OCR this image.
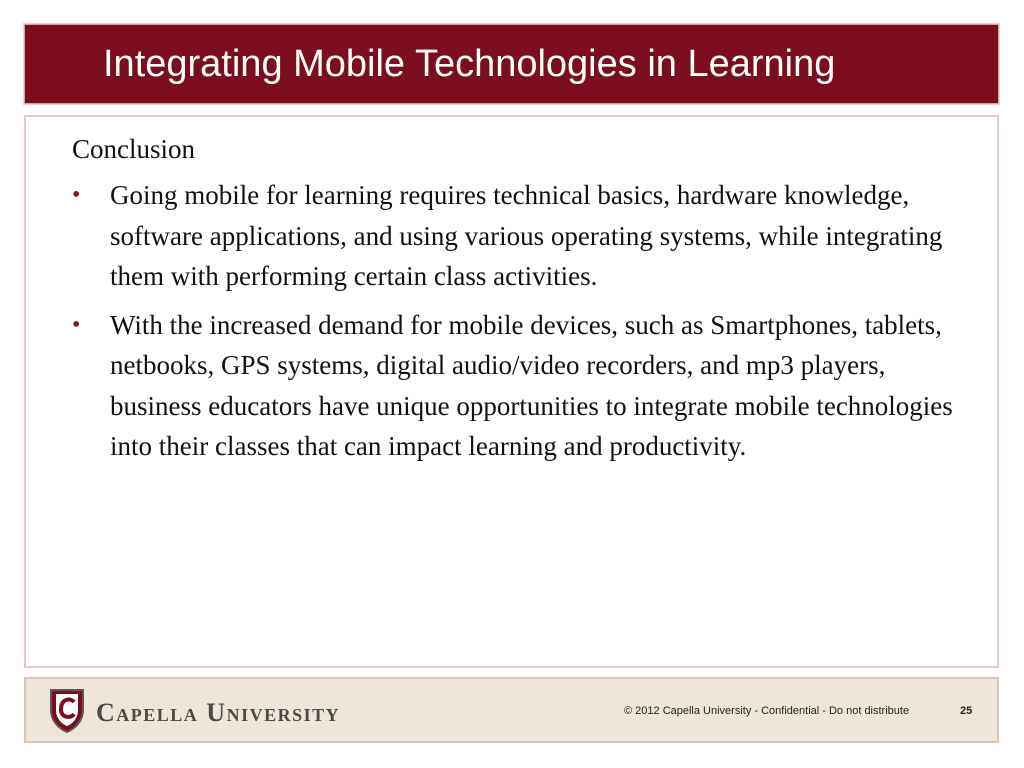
Integrating Mobile Technologies in Learning
Conclusion
• Going mobile for learning requires technical basics, hardware knowledge, software applications, and using various operating systems, while integrating them with performing certain class activities.
• With the increased demand for mobile devices, such as Smartphones, tablets, netbooks, GPS systems, digital audio/video recorders, and mp3 players, business educators have unique opportunities to integrate mobile technologies into their classes that can impact learning and productivity.
Capella University	© 2012 Capella University - Confidential - Do not distribute	25
